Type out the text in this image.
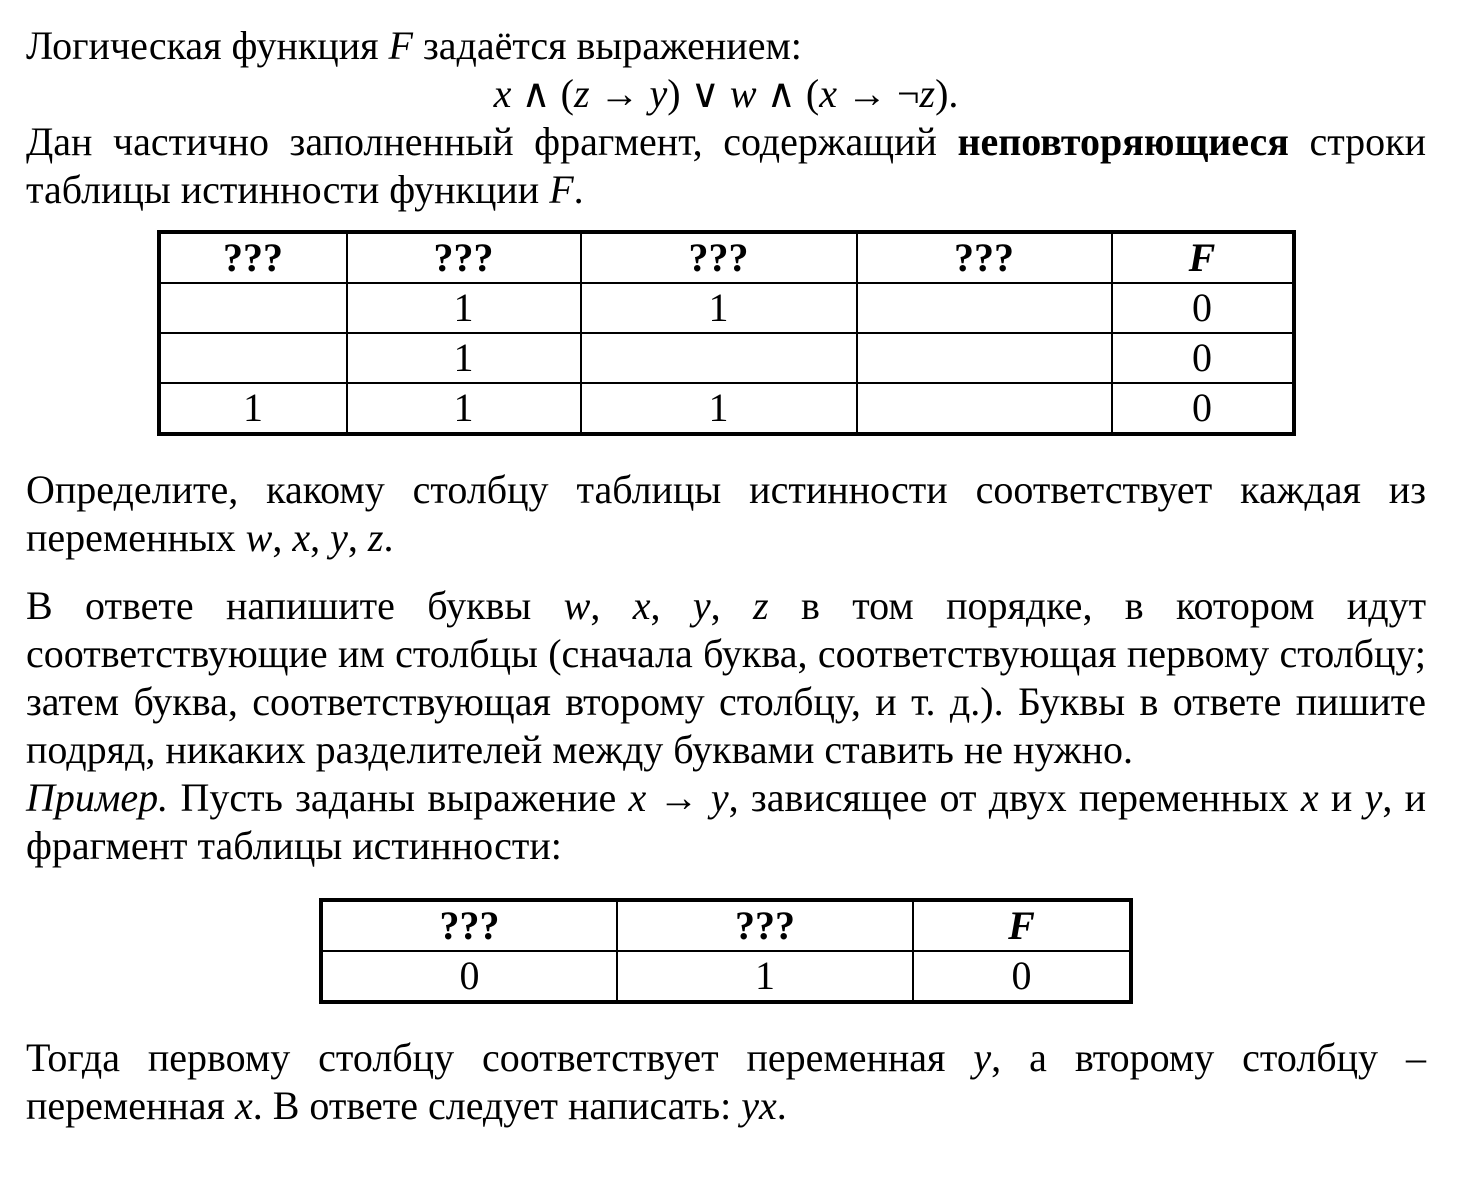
Логическая функция F задаётся выражением:

x ∧ (z → y) ∨ w ∧ (x → ¬z).

Дан частично заполненный фрагмент, содержащий неповторяющиеся строки таблицы истинности функции F.

???	???	???	???	F
	1	1		0
	1			0
1	1	1		0

Определите, какому столбцу таблицы истинности соответствует каждая из переменных w, x, y, z.

В ответе напишите буквы w, x, y, z в том порядке, в котором идут соответствующие им столбцы (сначала буква, соответствующая первому столбцу; затем буква, соответствующая второму столбцу, и т. д.). Буквы в ответе пишите подряд, никаких разделителей между буквами ставить не нужно.

Пример. Пусть заданы выражение x → y, зависящее от двух переменных x и y, и фрагмент таблицы истинности:

???	???	F
0	1	0

Тогда первому столбцу соответствует переменная y, а второму столбцу – переменная x. В ответе следует написать: yx.
